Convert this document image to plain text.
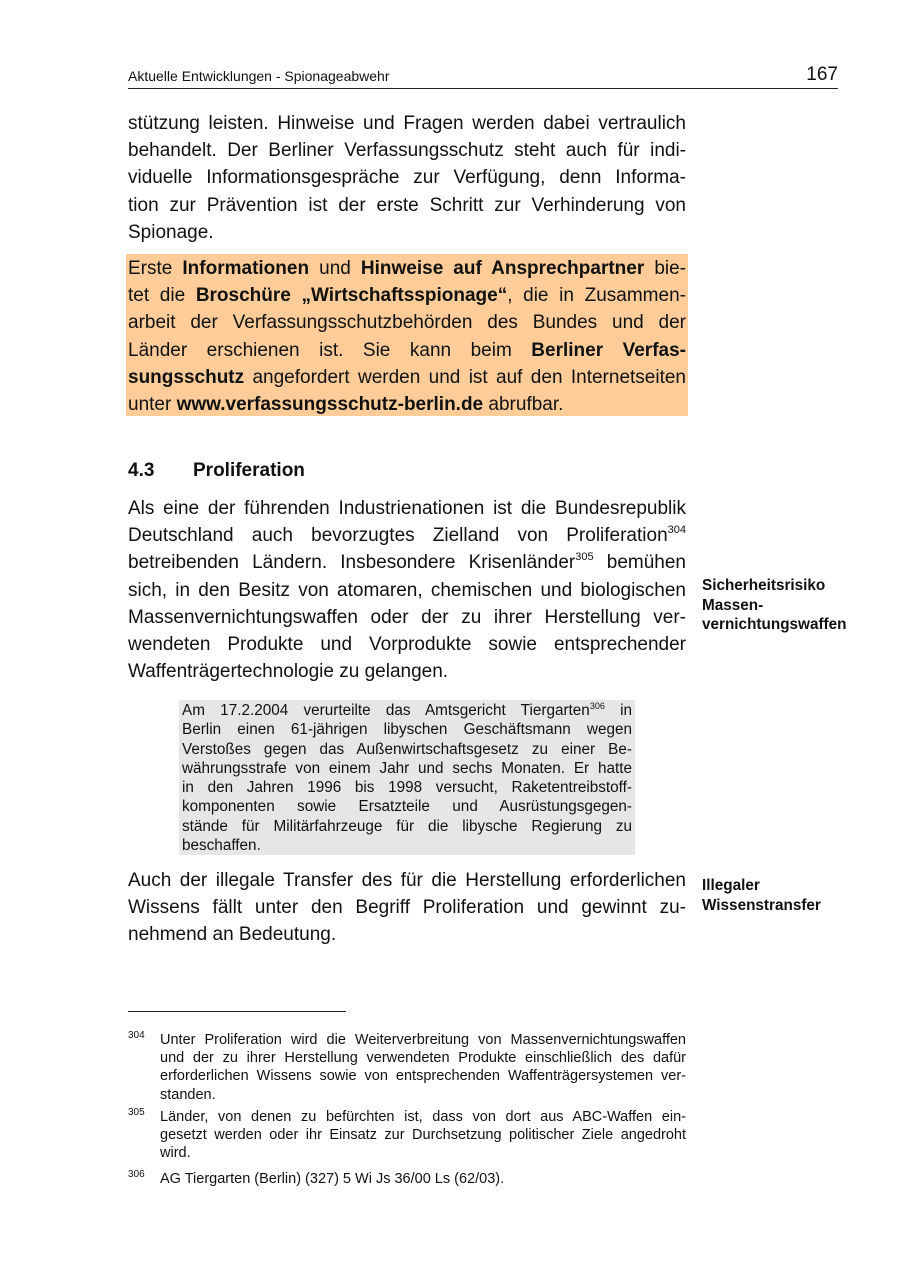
Aktuelle Entwicklungen - Spionageabwehr	167

stützung leisten. Hinweise und Fragen werden dabei vertraulich
behandelt. Der Berliner Verfassungsschutz steht auch für indi-
viduelle Informationsgespräche zur Verfügung, denn Informa-
tion zur Prävention ist der erste Schritt zur Verhinderung von
Spionage.

Erste Informationen und Hinweise auf Ansprechpartner bie-
tet die Broschüre „Wirtschaftsspionage“, die in Zusammen-
arbeit der Verfassungsschutzbehörden des Bundes und der
Länder erschienen ist. Sie kann beim Berliner Verfas-
sungsschutz angefordert werden und ist auf den Internetseiten
unter www.verfassungsschutz-berlin.de abrufbar.

4.3 Proliferation

Als eine der führenden Industrienationen ist die Bundesrepublik
Deutschland auch bevorzugtes Zielland von Proliferation$^{304}$
betreibenden Ländern. Insbesondere Krisenländer$^{305}$ bemühen
sich, in den Besitz von atomaren, chemischen und biologischen
Massenvernichtungswaffen oder der zu ihrer Herstellung ver-
wendeten Produkte und Vorprodukte sowie entsprechender
Waffenträgertechnologie zu gelangen.

Am 17.2.2004 verurteilte das Amtsgericht Tiergarten$^{306}$ in
Berlin einen 61-jährigen libyschen Geschäftsmann wegen
Verstoßes gegen das Außenwirtschaftsgesetz zu einer Be-
währungsstrafe von einem Jahr und sechs Monaten. Er hatte
in den Jahren 1996 bis 1998 versucht, Raketentreibstoff-
komponenten sowie Ersatzteile und Ausrüstungsgegen-
stände für Militärfahrzeuge für die libysche Regierung zu
beschaffen.

Auch der illegale Transfer des für die Herstellung erforderlichen
Wissens fällt unter den Begriff Proliferation und gewinnt zu-
nehmend an Bedeutung.

Sicherheitsrisiko
Massen-
vernichtungswaffen
Illegaler
Wissenstransfer
304 Unter Proliferation wird die Weiterverbreitung von Massenvernichtungswaffen
und der zu ihrer Herstellung verwendeten Produkte einschließlich des dafür
erforderlichen Wissens sowie von entsprechenden Waffenträgersystemen ver-
standen.
305 Länder, von denen zu befürchten ist, dass von dort aus ABC-Waffen ein-
gesetzt werden oder ihr Einsatz zur Durchsetzung politischer Ziele angedroht
wird.
306 AG Tiergarten (Berlin) (327) 5 Wi Js 36/00 Ls (62/03).
